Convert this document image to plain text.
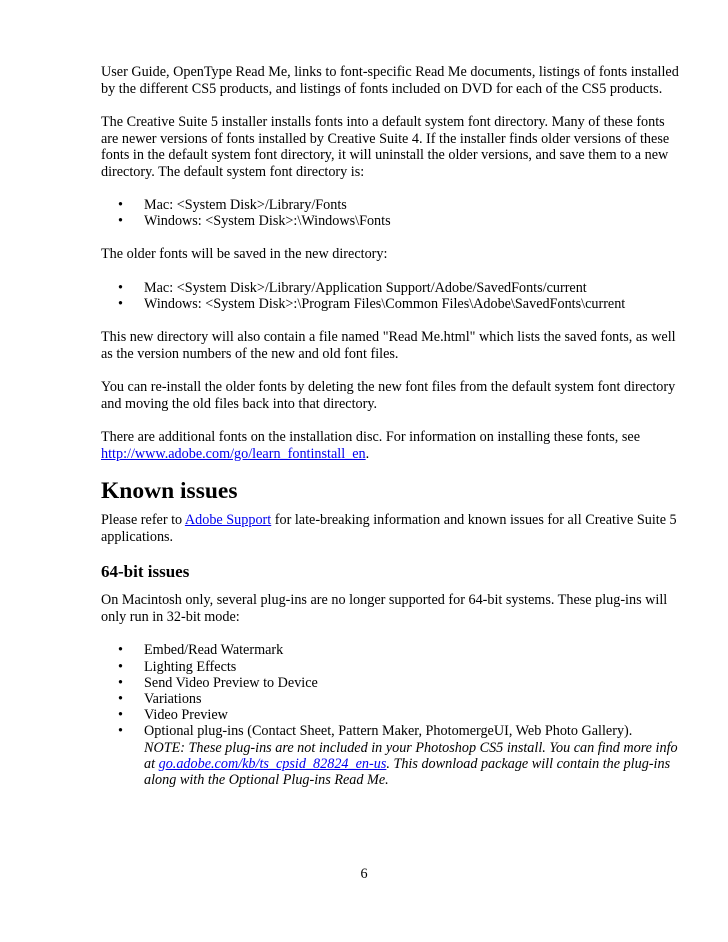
User Guide, OpenType Read Me, links to font-specific Read Me documents, listings of fonts installed by the different CS5 products, and listings of fonts included on DVD for each of the CS5 products.

The Creative Suite 5 installer installs fonts into a default system font directory. Many of these fonts are newer versions of fonts installed by Creative Suite 4. If the installer finds older versions of these fonts in the default system font directory, it will uninstall the older versions, and save them to a new directory. The default system font directory is:

• Mac: <System Disk>/Library/Fonts
• Windows: <System Disk>:\Windows\Fonts

The older fonts will be saved in the new directory:

• Mac: <System Disk>/Library/Application Support/Adobe/SavedFonts/current
• Windows: <System Disk>:\Program Files\Common Files\Adobe\SavedFonts\current

This new directory will also contain a file named "Read Me.html" which lists the saved fonts, as well as the version numbers of the new and old font files.

You can re-install the older fonts by deleting the new font files from the default system font directory and moving the old files back into that directory.

There are additional fonts on the installation disc. For information on installing these fonts, see
http://www.adobe.com/go/learn_fontinstall_en.

Known issues

Please refer to Adobe Support for late-breaking information and known issues for all Creative Suite 5 applications.

64-bit issues

On Macintosh only, several plug-ins are no longer supported for 64-bit systems. These plug-ins will only run in 32-bit mode:

• Embed/Read Watermark
• Lighting Effects
• Send Video Preview to Device
• Variations
• Video Preview
• Optional plug-ins (Contact Sheet, Pattern Maker, PhotomergeUI, Web Photo Gallery).
NOTE: These plug-ins are not included in your Photoshop CS5 install. You can find more info at go.adobe.com/kb/ts_cpsid_82824_en-us. This download package will contain the plug-ins along with the Optional Plug-ins Read Me.
6
